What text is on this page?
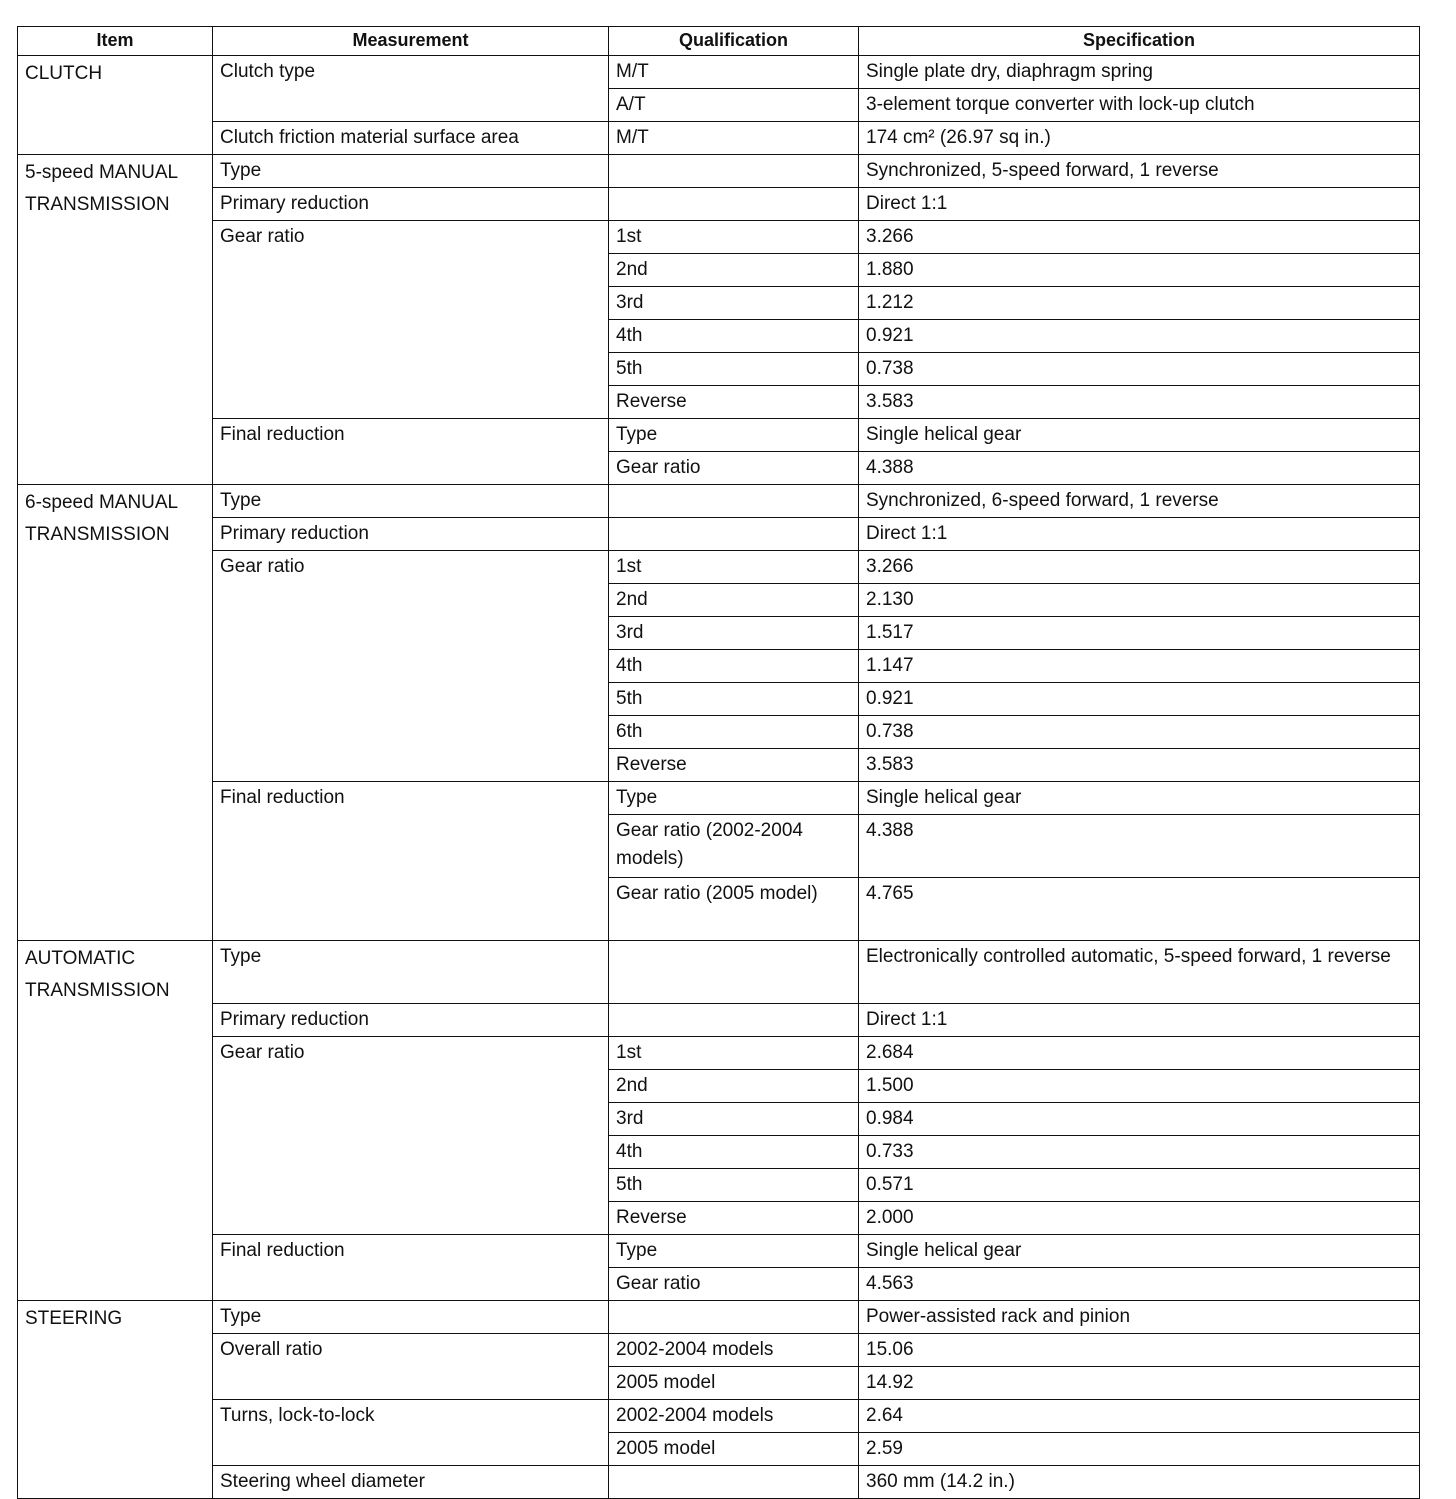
Item	Measurement	Qualification	Specification
CLUTCH	Clutch type	M/T	Single plate dry, diaphragm spring
		A/T	3-element torque converter with lock-up clutch
	Clutch friction material surface area	M/T	174 cm² (26.97 sq in.)
5-speed MANUAL TRANSMISSION	Type		Synchronized, 5-speed forward, 1 reverse
	Primary reduction		Direct 1:1
	Gear ratio	1st	3.266
		2nd	1.880
		3rd	1.212
		4th	0.921
		5th	0.738
		Reverse	3.583
	Final reduction	Type	Single helical gear
		Gear ratio	4.388
6-speed MANUAL TRANSMISSION	Type		Synchronized, 6-speed forward, 1 reverse
	Primary reduction		Direct 1:1
	Gear ratio	1st	3.266
		2nd	2.130
		3rd	1.517
		4th	1.147
		5th	0.921
		6th	0.738
		Reverse	3.583
	Final reduction	Type	Single helical gear
		Gear ratio (2002-2004 models)	4.388
		Gear ratio (2005 model)	4.765
AUTOMATIC TRANSMISSION	Type		Electronically controlled automatic, 5-speed forward, 1 reverse
	Primary reduction		Direct 1:1
	Gear ratio	1st	2.684
		2nd	1.500
		3rd	0.984
		4th	0.733
		5th	0.571
		Reverse	2.000
	Final reduction	Type	Single helical gear
		Gear ratio	4.563
STEERING	Type		Power-assisted rack and pinion
	Overall ratio	2002-2004 models	15.06
		2005 model	14.92
	Turns, lock-to-lock	2002-2004 models	2.64
		2005 model	2.59
	Steering wheel diameter		360 mm (14.2 in.)
